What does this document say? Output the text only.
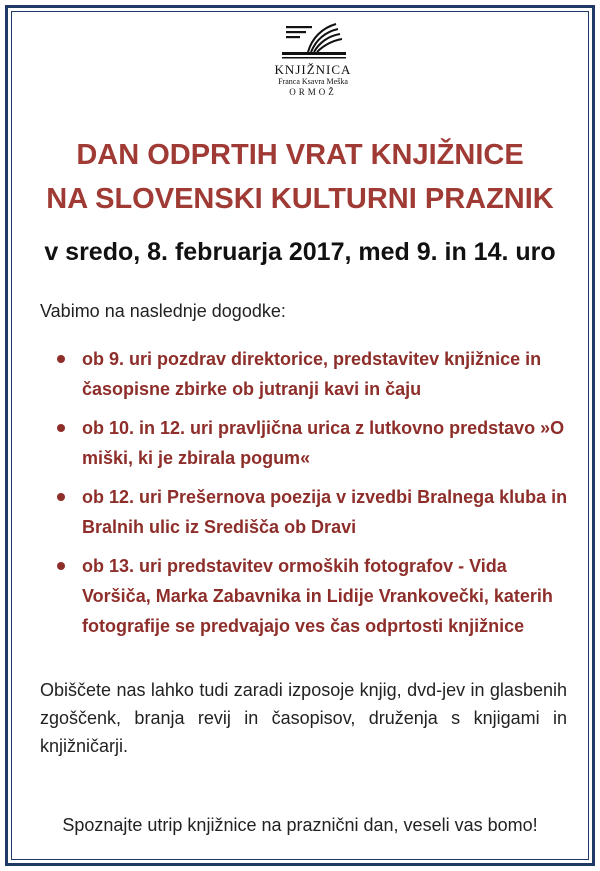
KNJIŽNICA
Franca Ksavra Meška
ORMOŽ
DAN ODPRTIH VRAT KNJIŽNICE
NA SLOVENSKI KULTURNI PRAZNIK
v sredo, 8. februarja 2017, med 9. in 14. uro
Vabimo na naslednje dogodke:
ob 9. uri pozdrav direktorice, predstavitev knjižnice in časopisne zbirke ob jutranji kavi in čaju
ob 10. in 12. uri pravljična urica z lutkovno predstavo »O miški, ki je zbirala pogum«
ob 12. uri Prešernova poezija v izvedbi Bralnega kluba in Bralnih ulic iz Središča ob Dravi
ob 13. uri predstavitev ormoških fotografov - Vida Voršiča, Marka Zabavnika in Lidije Vrankovečki, katerih fotografije se predvajajo ves čas odprtosti knjižnice
Obiščete nas lahko tudi zaradi izposoje knjig, dvd-jev in glasbenih zgoščenk, branja revij in časopisov, druženja s knjigami in knjižničarji.
Spoznajte utrip knjižnice na praznični dan, veseli vas bomo!
